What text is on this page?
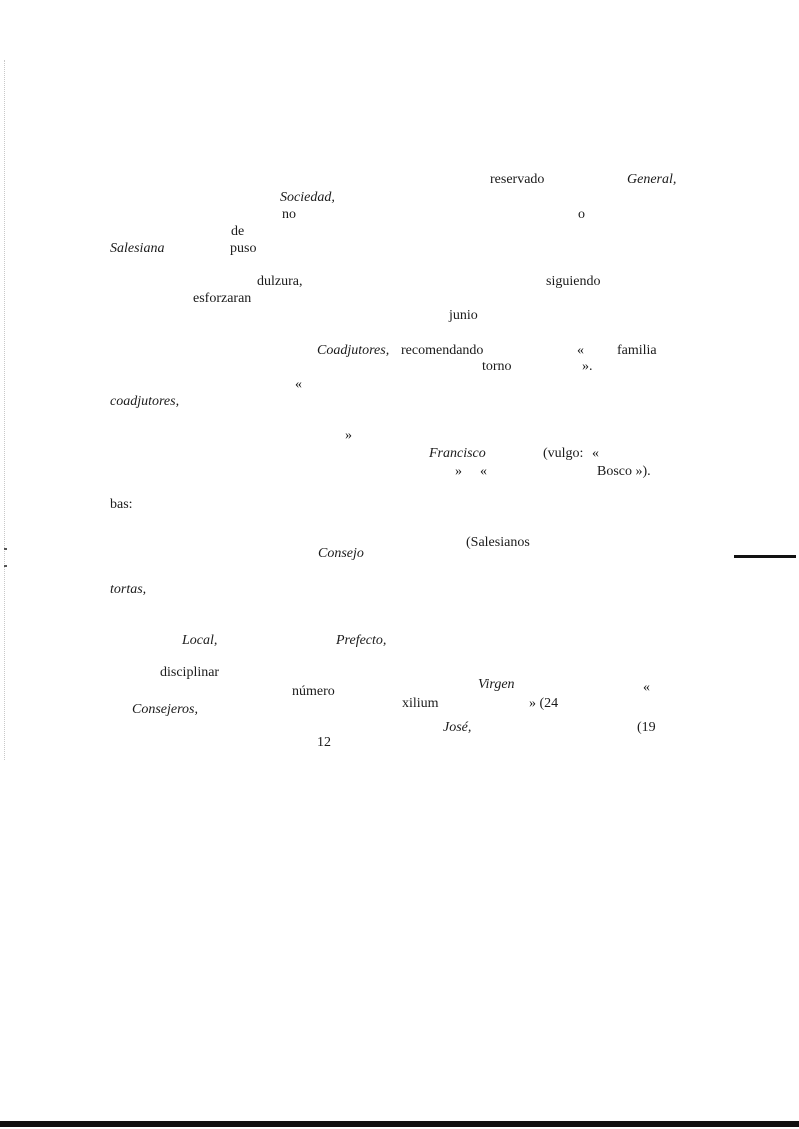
reservado	General,
Sociedad,
no	o
de
Salesiana	puso
dulzura,	siguiendo
esforzaran
junio
Coadjutores, recomendando	« familia
torno	».
«
coadjutores,
»
Francisco	(vulgo: «
» «	Bosco »).
bas:
(Salesianos
Consejo
tortas,
Local,	Prefecto,
disciplinar
Virgen	«
número
Consejeros,	xilium	» (24
José,	(19
12
